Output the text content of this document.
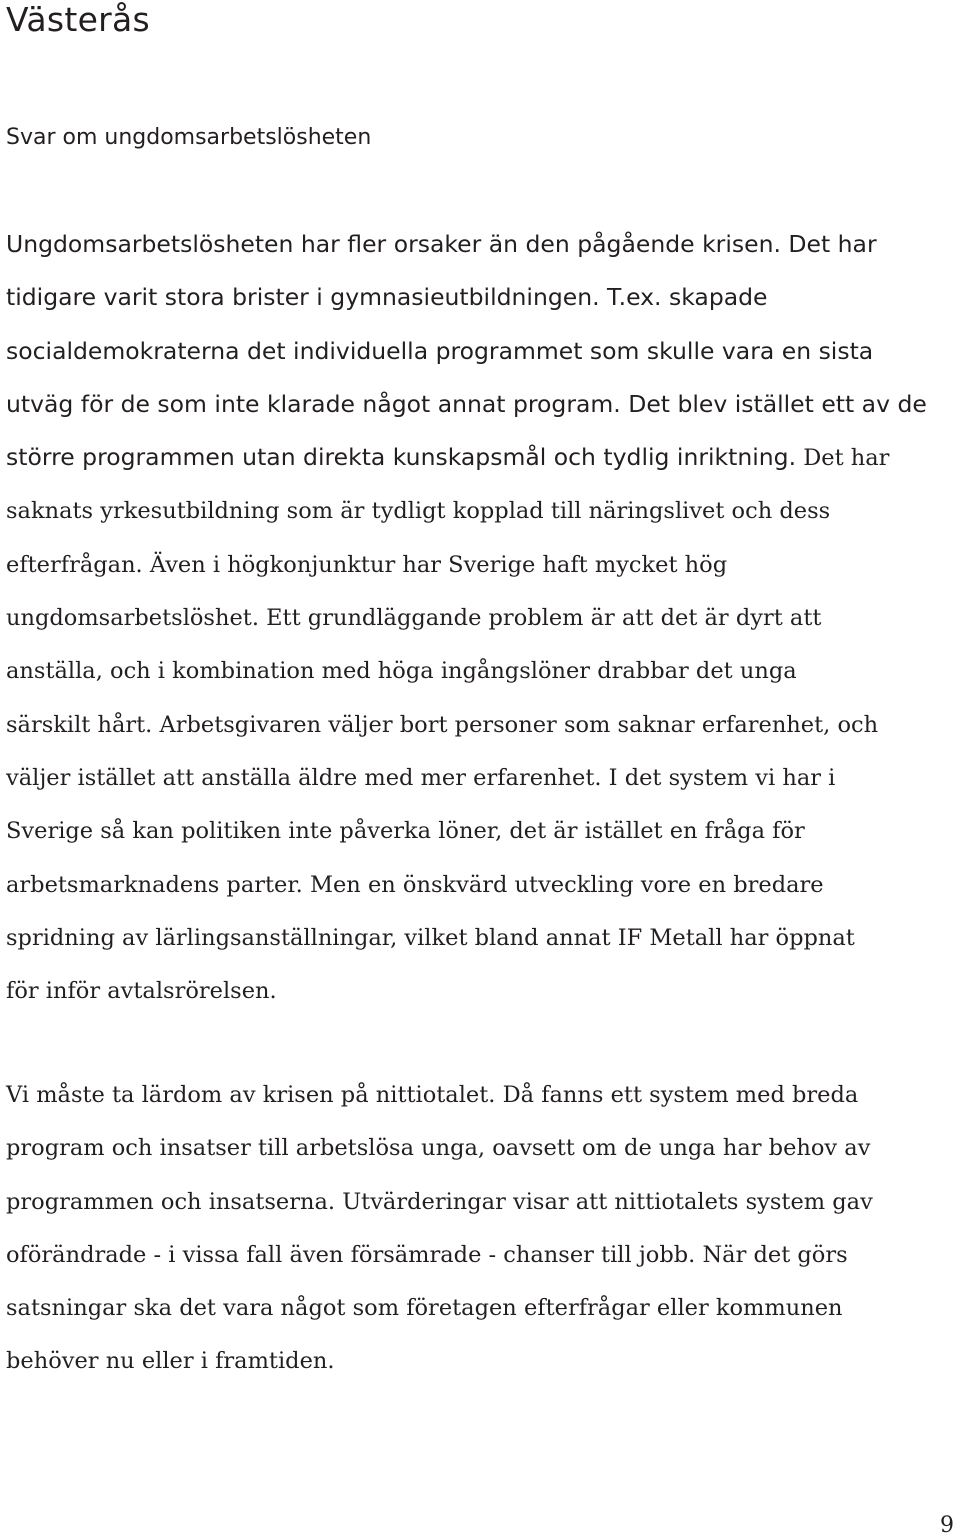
Västerås

Svar om ungdomsarbetslösheten

Ungdomsarbetslösheten har fler orsaker än den pågående krisen. Det har
tidigare varit stora brister i gymnasieutbildningen. T.ex. skapade
socialdemokraterna det individuella programmet som skulle vara en sista
utväg för de som inte klarade något annat program. Det blev istället ett av de
större programmen utan direkta kunskapsmål och tydlig inriktning. Det har
saknats yrkesutbildning som är tydligt kopplad till näringslivet och dess
efterfrågan. Även i högkonjunktur har Sverige haft mycket hög
ungdomsarbetslöshet. Ett grundläggande problem är att det är dyrt att
anställa, och i kombination med höga ingångslöner drabbar det unga
särskilt hårt. Arbetsgivaren väljer bort personer som saknar erfarenhet, och
väljer istället att anställa äldre med mer erfarenhet. I det system vi har i
Sverige så kan politiken inte påverka löner, det är istället en fråga för
arbetsmarknadens parter. Men en önskvärd utveckling vore en bredare
spridning av lärlingsanställningar, vilket bland annat IF Metall har öppnat
för inför avtalsrörelsen.
Vi måste ta lärdom av krisen på nittiotalet. Då fanns ett system med breda
program och insatser till arbetslösa unga, oavsett om de unga har behov av
programmen och insatserna. Utvärderingar visar att nittiotalets system gav
oförändrade - i vissa fall även försämrade - chanser till jobb. När det görs
satsningar ska det vara något som företagen efterfrågar eller kommunen
behöver nu eller i framtiden.
9
